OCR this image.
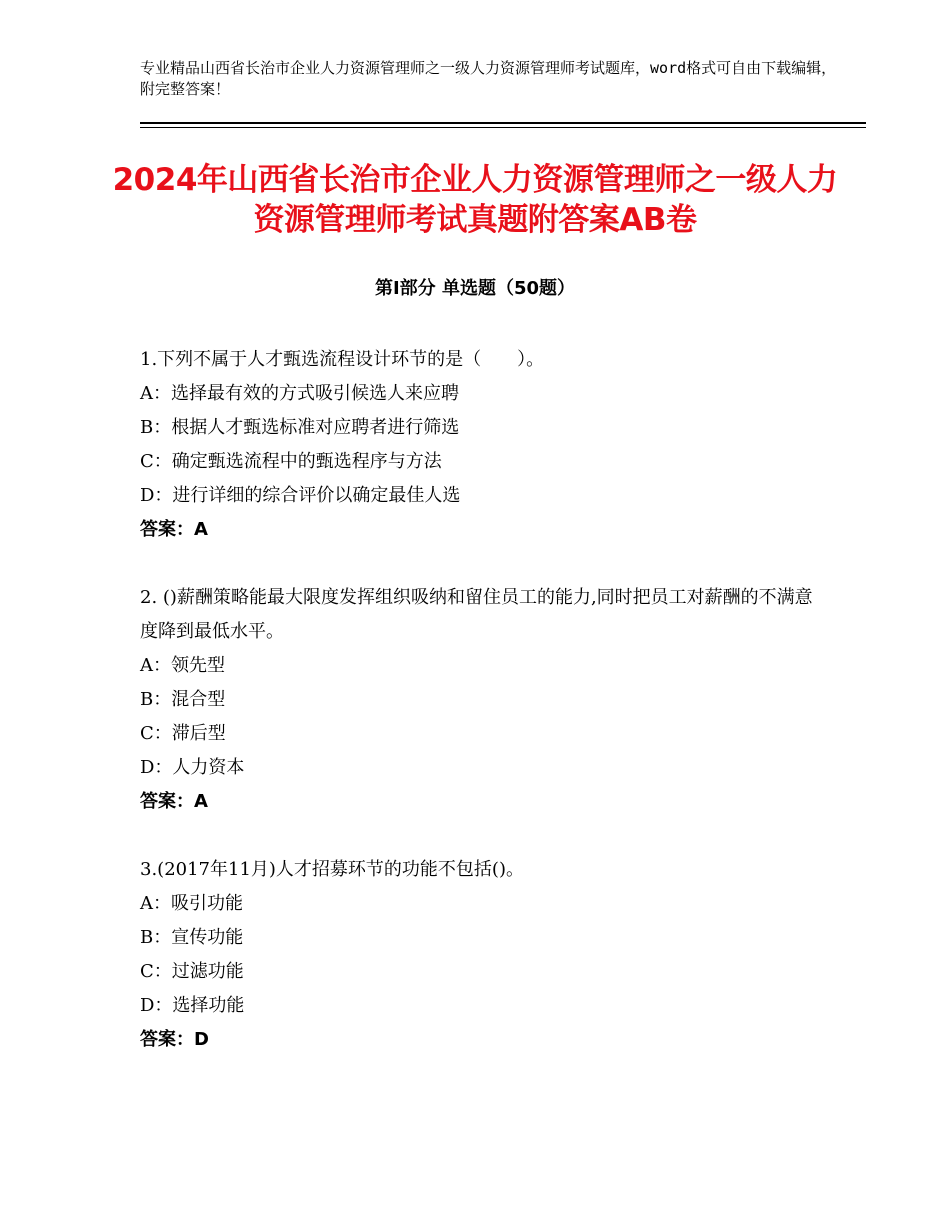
专业精品山西省长治市企业人力资源管理师之一级人力资源管理师考试题库，word格式可自由下载编辑，附完整答案！
2024年山西省长治市企业人力资源管理师之一级人力资源管理师考试真题附答案AB卷
第Ⅰ部分 单选题（50题）
1.下列不属于人才甄选流程设计环节的是（　　）。
A：选择最有效的方式吸引候选人来应聘
B：根据人才甄选标准对应聘者进行筛选
C：确定甄选流程中的甄选程序与方法
D：进行详细的综合评价以确定最佳人选
答案：A
2. ()薪酬策略能最大限度发挥组织吸纳和留住员工的能力,同时把员工对薪酬的不满意度降到最低水平。
A：领先型
B：混合型
C：滞后型
D：人力资本
答案：A
3.(2017年11月)人才招募环节的功能不包括()。
A：吸引功能
B：宣传功能
C：过滤功能
D：选择功能
答案：D
